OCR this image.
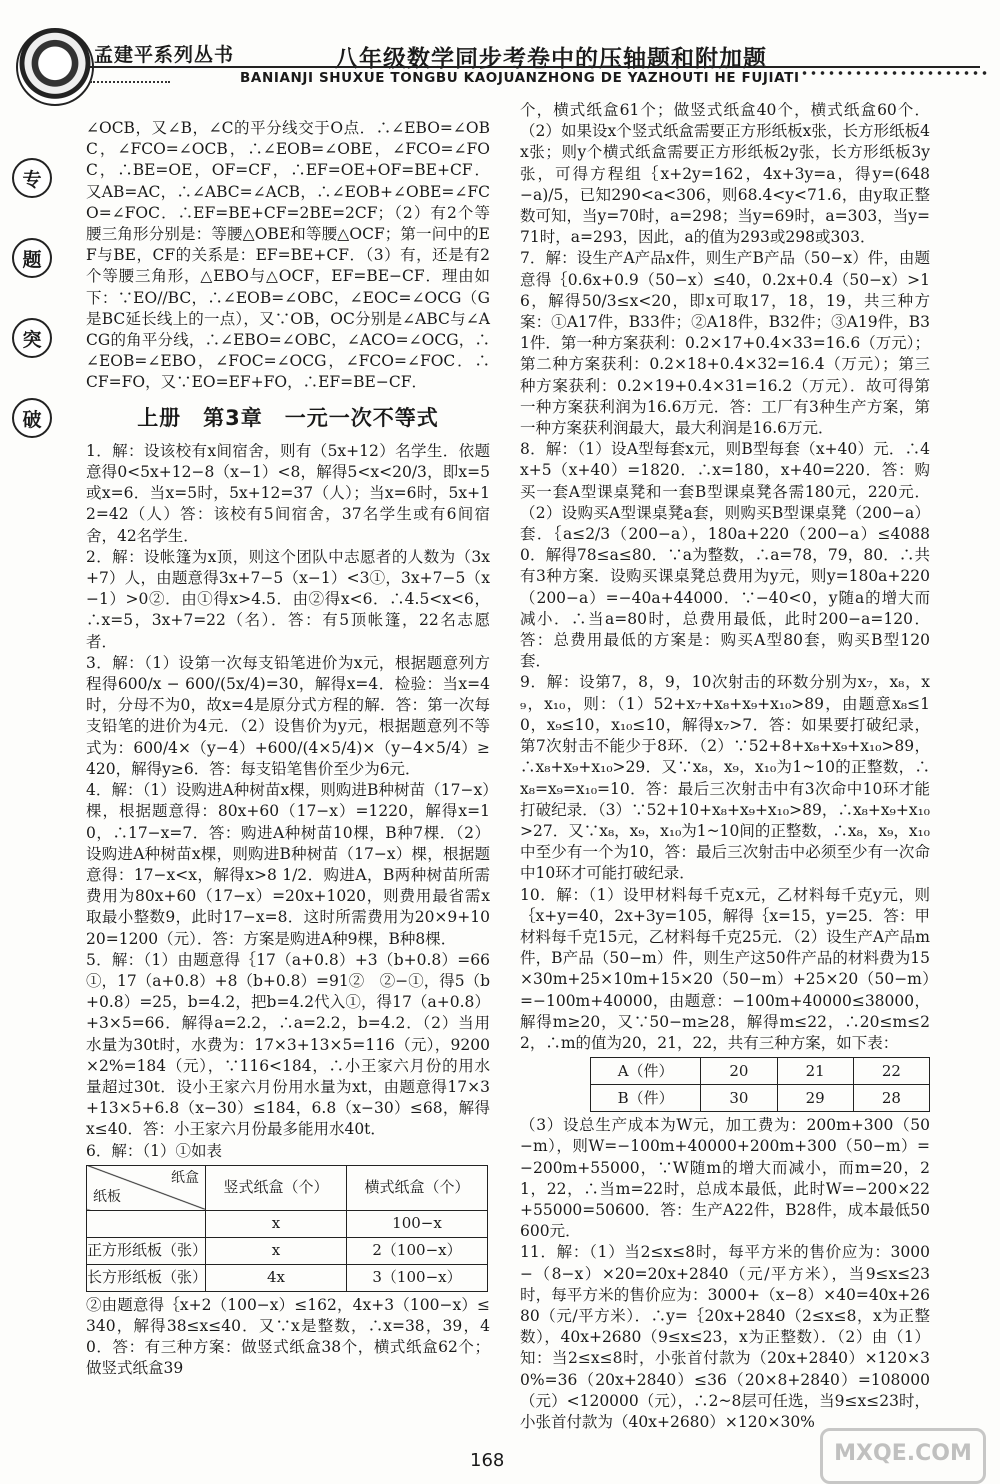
孟建平系列丛书	八年级数学同步考卷中的压轴题和附加题
BANIANJI SHUXUE TONGBU KAOJUANZHONG DE YAZHOUTI HE FUJIATI
专
题
突
破

∠OCB，又∠B，∠C的平分线交于O点．∴∠EBO=∠OBC，∠FCO=∠OCB，∴∠EOB=∠OBE，∠FCO=∠FOC，∴BE=OE，OF=CF，∴EF=OE+OF=BE+CF．又AB=AC，∴∠ABC=∠ACB，∴∠EOB+∠OBE=∠FCO=∠FOC．∴EF=BE+CF=2BE=2CF；（2）有2个等腰三角形分别是：等腰△OBE和等腰△OCF；第一问中的EF与BE，CF的关系是：EF=BE+CF．（3）有，还是有2个等腰三角形，△EBO与△OCF，EF=BE−CF．理由如下：∵EO//BC，∴∠EOB=∠OBC，∠EOC=∠OCG（G是BC延长线上的一点），又∵OB，OC分别是∠ABC与∠ACG的角平分线，∴∠EBO=∠OBC，∠ACO=∠OCG，∴∠EOB=∠EBO，∠FOC=∠OCG，∠FCO=∠FOC．∴CF=FO，又∵EO=EF+FO，∴EF=BE−CF．

上册　第3章　一元一次不等式

1．解：设该校有x间宿舍，则有（5x+12）名学生．依题意得0<5x+12−8（x−1）<8，解得5<x<20/3，即x=5或x=6．当x=5时，5x+12=37（人）；当x=6时，5x+12=42（人）答：该校有5间宿舍，37名学生或有6间宿舍，42名学生．

2．解：设帐篷为x顶，则这个团队中志愿者的人数为（3x+7）人，由题意得3x+7−5（x−1）<3①，3x+7−5（x−1）>0②．由①得x>4.5．由②得x<6．∴4.5<x<6，∴x=5，3x+7=22（名）．答：有5顶帐篷，22名志愿者．

3．解：（1）设第一次每支铅笔进价为x元，根据题意列方程得600/x − 600/(5x/4)=30，解得x=4．检验：当x=4时，分母不为0，故x=4是原分式方程的解．答：第一次每支铅笔的进价为4元．（2）设售价为y元，根据题意列不等式为：600/4×（y−4）+600/(4×5/4)×（y−4×5/4）≥420，解得y≥6．答：每支铅笔售价至少为6元．

4．解：（1）设购进A种树苗x棵，则购进B种树苗（17−x）棵，根据题意得：80x+60（17−x）=1220，解得x=10，∴17−x=7．答：购进A种树苗10棵，B种7棵．（2）设购进A种树苗x棵，则购进B种树苗（17−x）棵，根据题意得：17−x<x，解得x>8 1/2．购进A，B两种树苗所需费用为80x+60（17−x）=20x+1020，则费用最省需x取最小整数9，此时17−x=8．这时所需费用为20×9+1020=1200（元）．答：方案是购进A种9棵，B种8棵．

5．解：（1）由题意得｛17（a+0.8）+3（b+0.8）=66①，17（a+0.8）+8（b+0.8）=91②　②−①，得5（b+0.8）=25，b=4.2，把b=4.2代入①，得17（a+0.8）+3×5=66．解得a=2.2，∴a=2.2，b=4.2．（2）当用水量为30t时，水费为：17×3+13×5=116（元），9200×2%=184（元），∵116<184，∴小王家六月份的用水量超过30t．设小王家六月份用水量为xt，由题意得17×3+13×5+6.8（x−30）≤184，6.8（x−30）≤68，解得x≤40．答：小王家六月份最多能用水40t．

6．解：（1）①如表

纸盒
纸板	竖式纸盒（个）	横式纸盒（个）
	x	100−x
正方形纸板（张）	x	2（100−x）
长方形纸板（张）	4x	3（100−x）

②由题意得｛x+2（100−x）≤162，4x+3（100−x）≤340，解得38≤x≤40．又∵x是整数，∴x=38，39，40．答：有三种方案：做竖式纸盒38个，横式纸盒62个；做竖式纸盒39

个，横式纸盒61个；做竖式纸盒40个，横式纸盒60个．（2）如果设x个竖式纸盒需要正方形纸板x张，长方形纸板4x张；则y个横式纸盒需要正方形纸板2y张，长方形纸板3y张，可得方程组｛x+2y=162，4x+3y=a，得y=(648−a)/5，已知290<a<306，则68.4<y<71.6，由y取正整数可知，当y=70时，a=298；当y=69时，a=303，当y=71时，a=293，因此，a的值为293或298或303．

7．解：设生产A产品x件，则生产B产品（50−x）件，由题意得｛0.6x+0.9（50−x）≤40，0.2x+0.4（50−x）>16，解得50/3≤x<20，即x可取17，18，19，共三种方案：①A17件，B33件；②A18件，B32件；③A19件，B31件．第一种方案获利：0.2×17+0.4×33=16.6（万元）；第二种方案获利：0.2×18+0.4×32=16.4（万元）；第三种方案获利：0.2×19+0.4×31=16.2（万元）．故可得第一种方案获利润为16.6万元．答：工厂有3种生产方案，第一种方案获利润最大，最大利润是16.6万元．

8．解：（1）设A型每套x元，则B型每套（x+40）元．∴4x+5（x+40）=1820．∴x=180，x+40=220．答：购买一套A型课桌凳和一套B型课桌凳各需180元，220元．（2）设购买A型课桌凳a套，则购买B型课桌凳（200−a）套．｛a≤2/3（200−a），180a+220（200−a）≤40880．解得78≤a≤80．∵a为整数，∴a=78，79，80．∴共有3种方案．设购买课桌凳总费用为y元，则y=180a+220（200−a）=−40a+44000．∵−40<0，y随a的增大而减小．∴当a=80时，总费用最低，此时200−a=120．答：总费用最低的方案是：购买A型80套，购买B型120套．

9．解：设第7，8，9，10次射击的环数分别为x₇，x₈，x₉，x₁₀，则：（1）52+x₇+x₈+x₉+x₁₀>89，由题意x₈≤10，x₉≤10，x₁₀≤10，解得x₇>7．答：如果要打破纪录，第7次射击不能少于8环．（2）∵52+8+x₈+x₉+x₁₀>89，∴x₈+x₉+x₁₀>29．又∵x₈，x₉，x₁₀为1~10的正整数，∴x₈=x₉=x₁₀=10．答：最后三次射击中有3次命中10环才能打破纪录．（3）∵52+10+x₈+x₉+x₁₀>89，∴x₈+x₉+x₁₀>27．又∵x₈，x₉，x₁₀为1~10间的正整数，∴x₈，x₉，x₁₀中至少有一个为10，答：最后三次射击中必须至少有一次命中10环才可能打破纪录．

10．解：（1）设甲材料每千克x元，乙材料每千克y元，则｛x+y=40，2x+3y=105，解得｛x=15，y=25．答：甲材料每千克15元，乙材料每千克25元．（2）设生产A产品m件，B产品（50−m）件，则生产这50件产品的材料费为15×30m+25×10m+15×20（50−m）+25×20（50−m）=−100m+40000，由题意：−100m+40000≤38000，解得m≥20，又∵50−m≥28，解得m≤22，∴20≤m≤22，∴m的值为20，21，22，共有三种方案，如下表：

A（件）	20	21	22
B（件）	30	29	28

（3）设总生产成本为W元，加工费为：200m+300（50−m），则W=−100m+40000+200m+300（50−m）=−200m+55000，∵W随m的增大而减小，而m=20，21，22，∴当m=22时，总成本最低，此时W=−200×22+55000=50600．答：生产A22件，B28件，成本最低50600元．

11．解：（1）当2≤x≤8时，每平方米的售价应为：3000−（8−x）×20=20x+2840（元/平方米），当9≤x≤23时，每平方米的售价应为：3000+（x−8）×40=40x+2680（元/平方米）．∴y=｛20x+2840（2≤x≤8，x为正整数），40x+2680（9≤x≤23，x为正整数）．（2）由（1）知：当2≤x≤8时，小张首付款为（20x+2840）×120×30%=36（20x+2840）≤36（20×8+2840）=108000（元）<120000（元），∴2~8层可任选，当9≤x≤23时，小张首付款为（40x+2680）×120×30%

168	MXQE.COM
